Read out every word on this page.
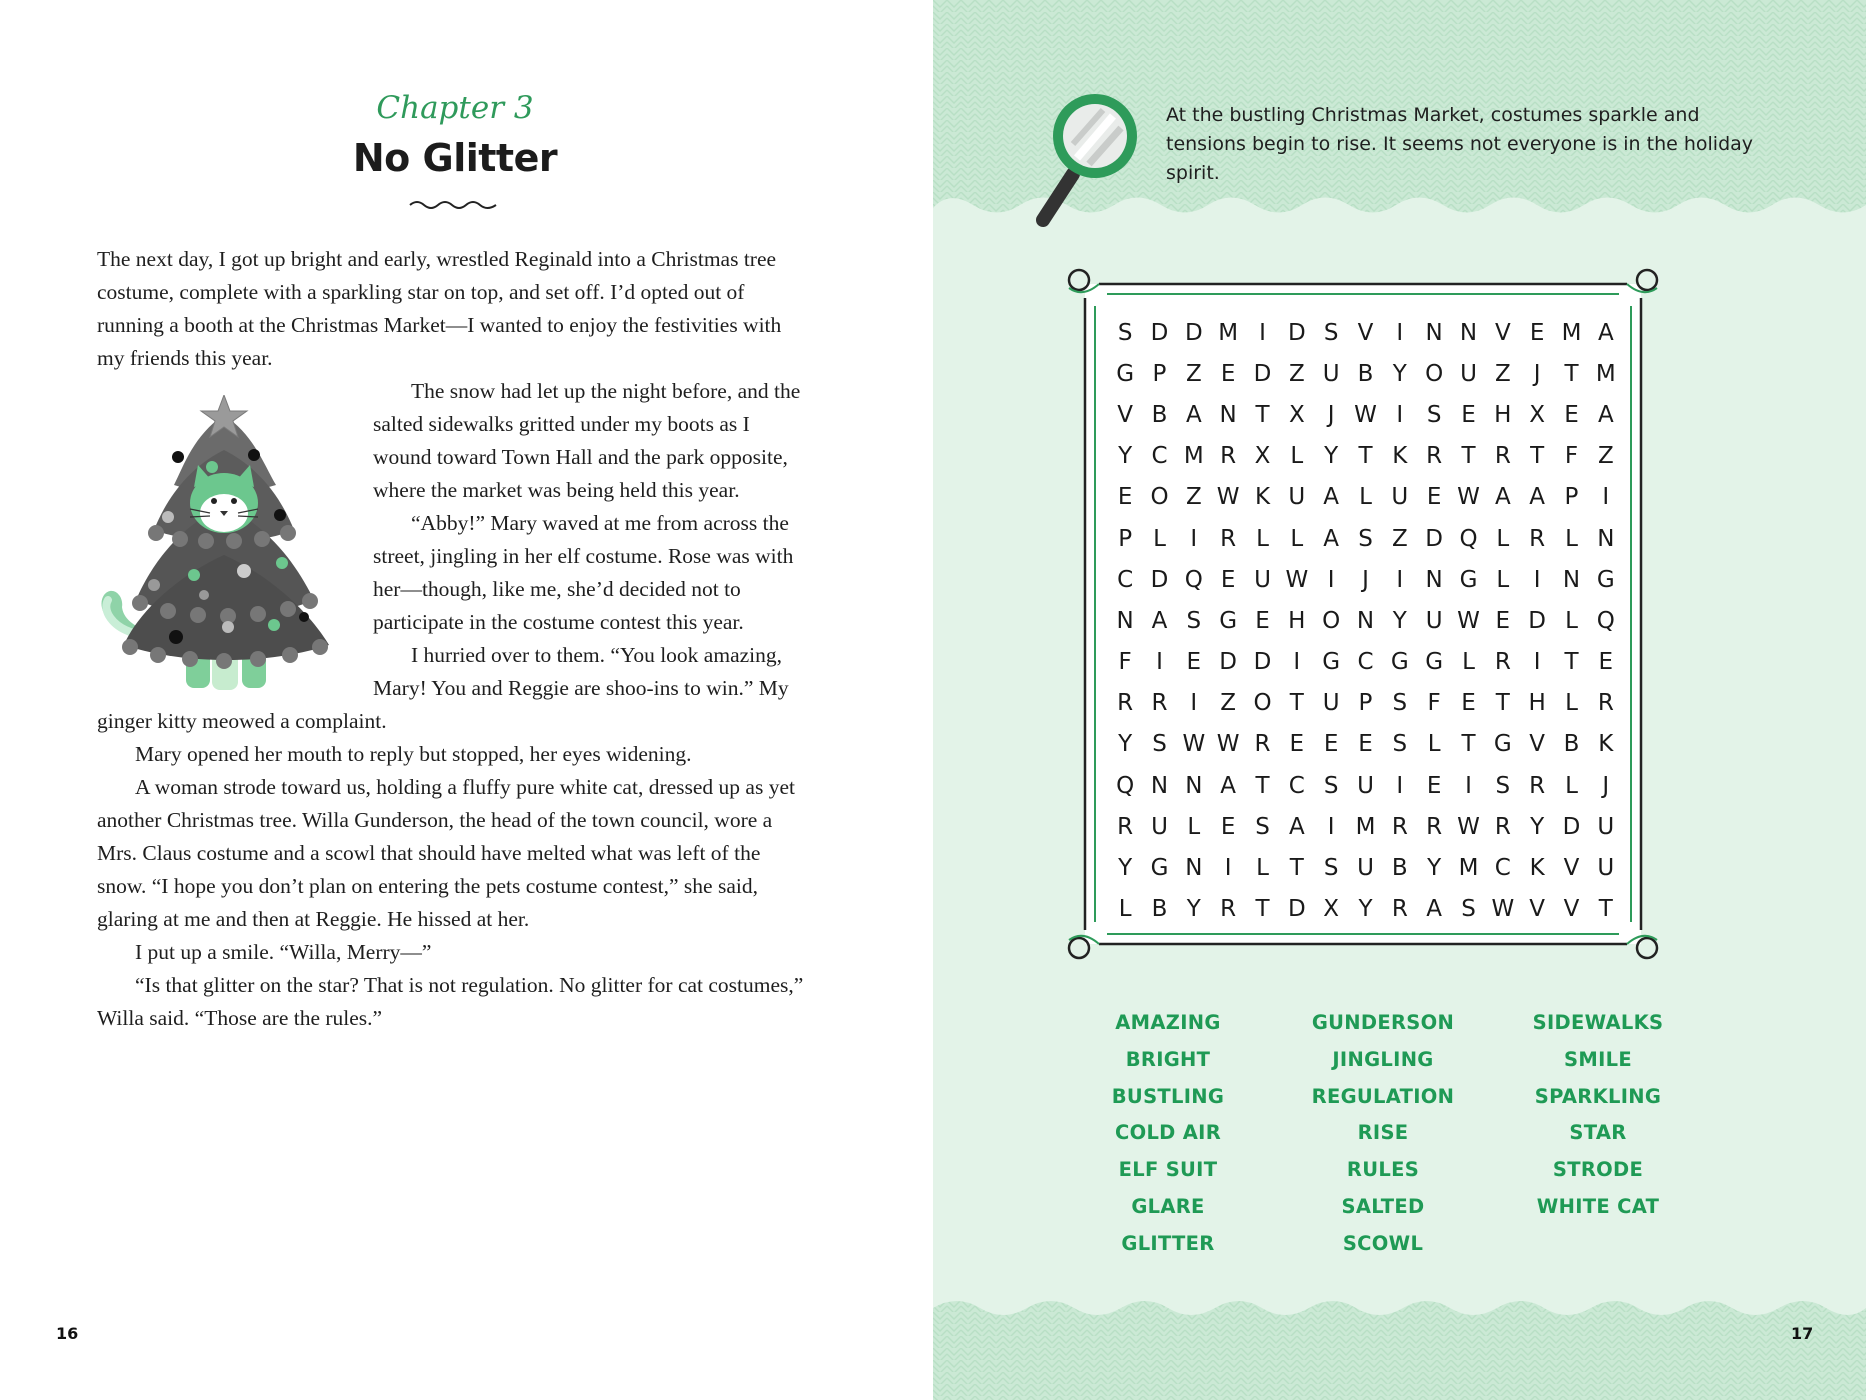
Chapter 3
No Glitter

The next day, I got up bright and early, wrestled Reginald into a Christmas tree costume, complete with a sparkling star on top, and set off. I’d opted out of running a booth at the Christmas Market—I wanted to enjoy the festivities with my friends this year.

The snow had let up the night before, and the salted sidewalks gritted under my boots as I wound toward Town Hall and the park opposite, where the market was being held this year.

“Abby!” Mary waved at me from across the street, jingling in her elf costume. Rose was with her—though, like me, she’d decided not to participate in the costume contest this year.

I hurried over to them. “You look amazing, Mary! You and Reggie are shoo-ins to win.” My ginger kitty meowed a complaint.

Mary opened her mouth to reply but stopped, her eyes widening.

A woman strode toward us, holding a fluffy pure white cat, dressed up as yet another Christmas tree. Willa Gunderson, the head of the town council, wore a Mrs. Claus costume and a scowl that should have melted what was left of the snow. “I hope you don’t plan on entering the pets costume contest,” she said, glaring at me and then at Reggie. He hissed at her.

I put up a smile. “Willa, Merry—”

“Is that glitter on the star? That is not regulation. No glitter for cat costumes,” Willa said. “Those are the rules.”

16
At the bustling Christmas Market, costumes sparkle and tensions begin to rise. It seems not everyone is in the holiday spirit.
S D D M I D S V	I N N V E M A
G P Z E D Z U B Y O U Z	J	T M
V B A N T X	J W I	S E H X E A
Y C M R X L Y T K R T R T F Z
E O Z W K U A L U E W A A P	I
P L	I R L L A S Z D Q L R L N
C D Q E U W I	J	I N G L	I N G
N A S G E H O N Y U W E D L Q
F	I	E D D I G C G G L R I	T E
R R I	Z O T U P S F E T H L R
Y S W W R E E E S L T G V B K
Q N N A T C S U I	E	I	S R L	J
R U L E S A	I M R R W R Y D U
Y G N I	L T S U B Y M C K V U
L B Y R T D X Y R A S W V V T
AMAZING
BRIGHT
BUSTLING
COLD AIR
ELF SUIT
GLARE
GLITTER
GUNDERSON
JINGLING
REGULATION
RISE
RULES
SALTED
SCOWL
SIDEWALKS
SMILE
SPARKLING
STAR
STRODE
WHITE CAT
17
